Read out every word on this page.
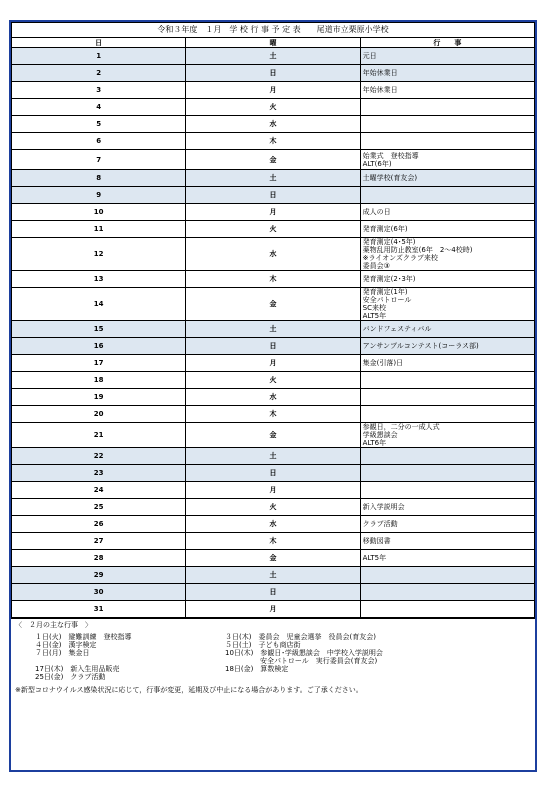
令和３年度　１月　学 校 行 事 予 定 表　　尾道市立栗原小学校		
日	曜	行　　事
1	土	元日

2	日	年始休業日

3	月	年始休業日

4	火	
5	水	
6	木	
7	金	始業式　登校指導
ALT(6年)

8	土	土曜学校(育友会)

9	日	
10	月	成人の日

11	火	発育測定(6年)

12	水	発育測定(4･5年)
薬物乱用防止教室(6年　2～4校時)
※ライオンズクラブ来校
委員会③

13	木	発育測定(2･3年)

14	金	発育測定(1年)
安全パトロール
SC来校
ALT5年

15	土	バンドフェスティバル

16	日	アンサンブルコンテスト(コーラス部)

17	月	集金(引落)日

18	火	
19	水	
20	木	
21	金	参観日，二分の一成人式
学級懇談会
ALT6年

22	土	
23	日	
24	月	
25	火	新入学説明会

26	水	クラブ活動

27	木	移動図書

28	金	ALT5年

29	土	
30	日	
31	月	
〈　２月の主な行事　〉
１日(火)　避難訓練　登校指導
４日(金)　漢字検定
７日(月)　集金日
17日(木)　新入生用品販売
25日(金)　クラブ活動
３日(木)　委員会　児童会選挙　役員会(育友会)
５日(土)　子ども商店街
10日(木)　参観日･学級懇談会　中学校入学説明会
　　　　　安全パトロール　実行委員会(育友会)
18日(金)　算数検定
※新型コロナウイルス感染状況に応じて，行事が変更，延期及び中止になる場合があります。ご了承ください。
